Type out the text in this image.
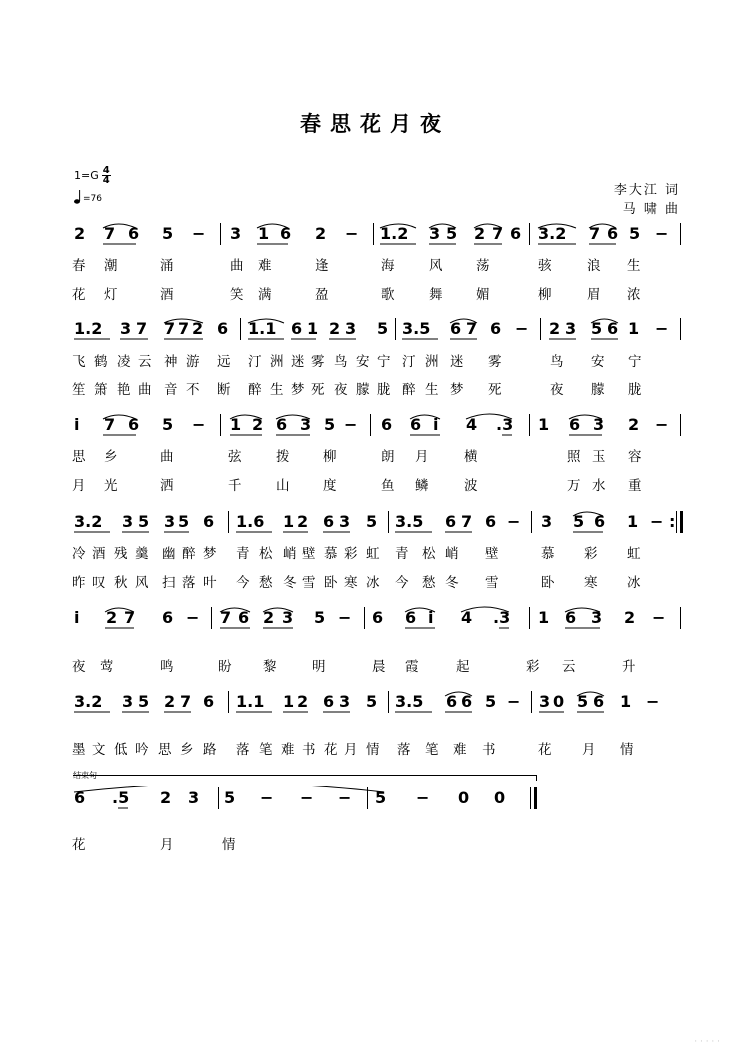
春思花月夜
$1=G \frac{4}{4}$
=76
李大江 词
马 啸 曲
2 7 6 5 − 3 1 6 2 − 1.2 3 5 2 7 6 3.2 7 6 5 −
春 潮	涌	曲 难	逢	海	风 荡	骇	浪 生
花 灯	酒	笑 满	盈	歌	舞 媚	柳	眉 浓
1.2 3 7 7 7 2 6 1.1 6 1 2 3 5 3.5 6 7 6 − 2 3 5 6 1 −
飞 鹤 凌 云 神 游 远 汀 洲 迷 雾 鸟 安 宁 汀 洲 迷 雾	鸟 安 宁
笙 箫 艳 曲 音 不 断 醉 生 梦 死 夜 朦 胧 醉 生 梦 死	夜 朦 胧
i 7 6 5 − 1 2 6 3 5 − 6 6 i 4 .3 1 6 3 2 −
思 乡	曲	弦	拨 柳	朗 月	横	照 玉 容
月 光	洒	千	山 度	鱼 鳞	波	万 水 重
3.2 3 5 3 5 6 1.6 1 2 6 3 5 3.5 6 7 6 − 3 5 6 1 − :
冷 酒 残 羹 幽 醉 梦 青 松 峭 壁 慕 彩 虹 青 松 峭 壁	慕 彩 虹
昨 叹 秋 风 扫 落 叶 今 愁 冬 雪 卧 寒 冰 今 愁 冬 雪	卧 寒 冰
i 2 7 6 − 7 6 2 3 5 − 6 6 i 4 .3 1 6 3 2 −
夜 莺	鸣	盼 黎	明	晨 霞	起	彩 云	升
3.2 3 5 2 7 6 1.1 1 2 6 3 5 3.5 6 6 5 − 3 0 5 6 1 −
墨 文 低 吟 思 乡 路 落 笔 难 书 花 月 情 落 笔 难 书	花 月 情
结束句
6 .5 2 3 5 − − − 5 − 0 0
花	月	情
· · · · ·
